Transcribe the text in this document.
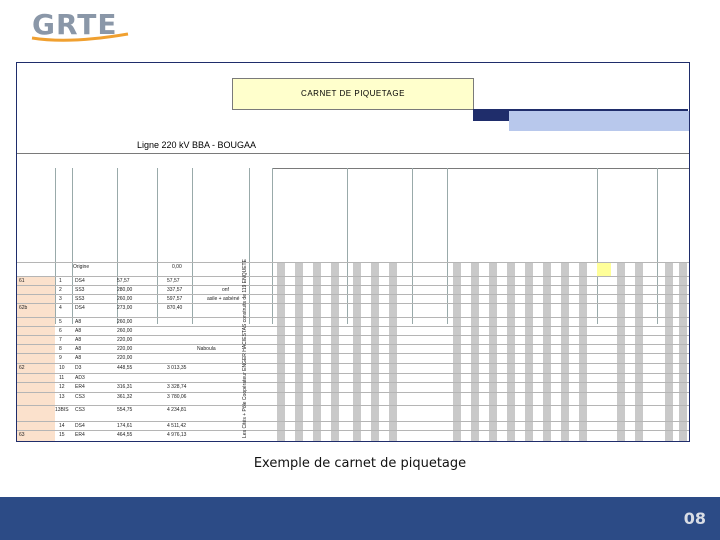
GRTE
CARNET DE PIQUETAGE
Ligne 220 kV BBA - BOUGAA
Origine	0,00
61	1	DS4	57,57	57,57
2	SS3	280,00	337,57	onf
3	SS3	260,00	597,57	asile + asbéné
62b	4	DS4	273,00	870,40
5	A8	260,00
6	A8	260,00
7	A8	220,00
8	A8	220,00	Naboula
9	A8	220,00
62	10 D3	448,55	3 013,35
11 AD3
12 ER4	316,31	3 328,74
13 CS3	361,32	3 780,06
13BIS CS3	554,75	4 234,81
14 DS4	174,61	4 511,42
63	15 ER4	464,55	4 976,13	Les Cités + Pôle Coopérateur ENGER HACIESTAS construits de 119 ENQUETE
Exemple de carnet de piquetage
08
